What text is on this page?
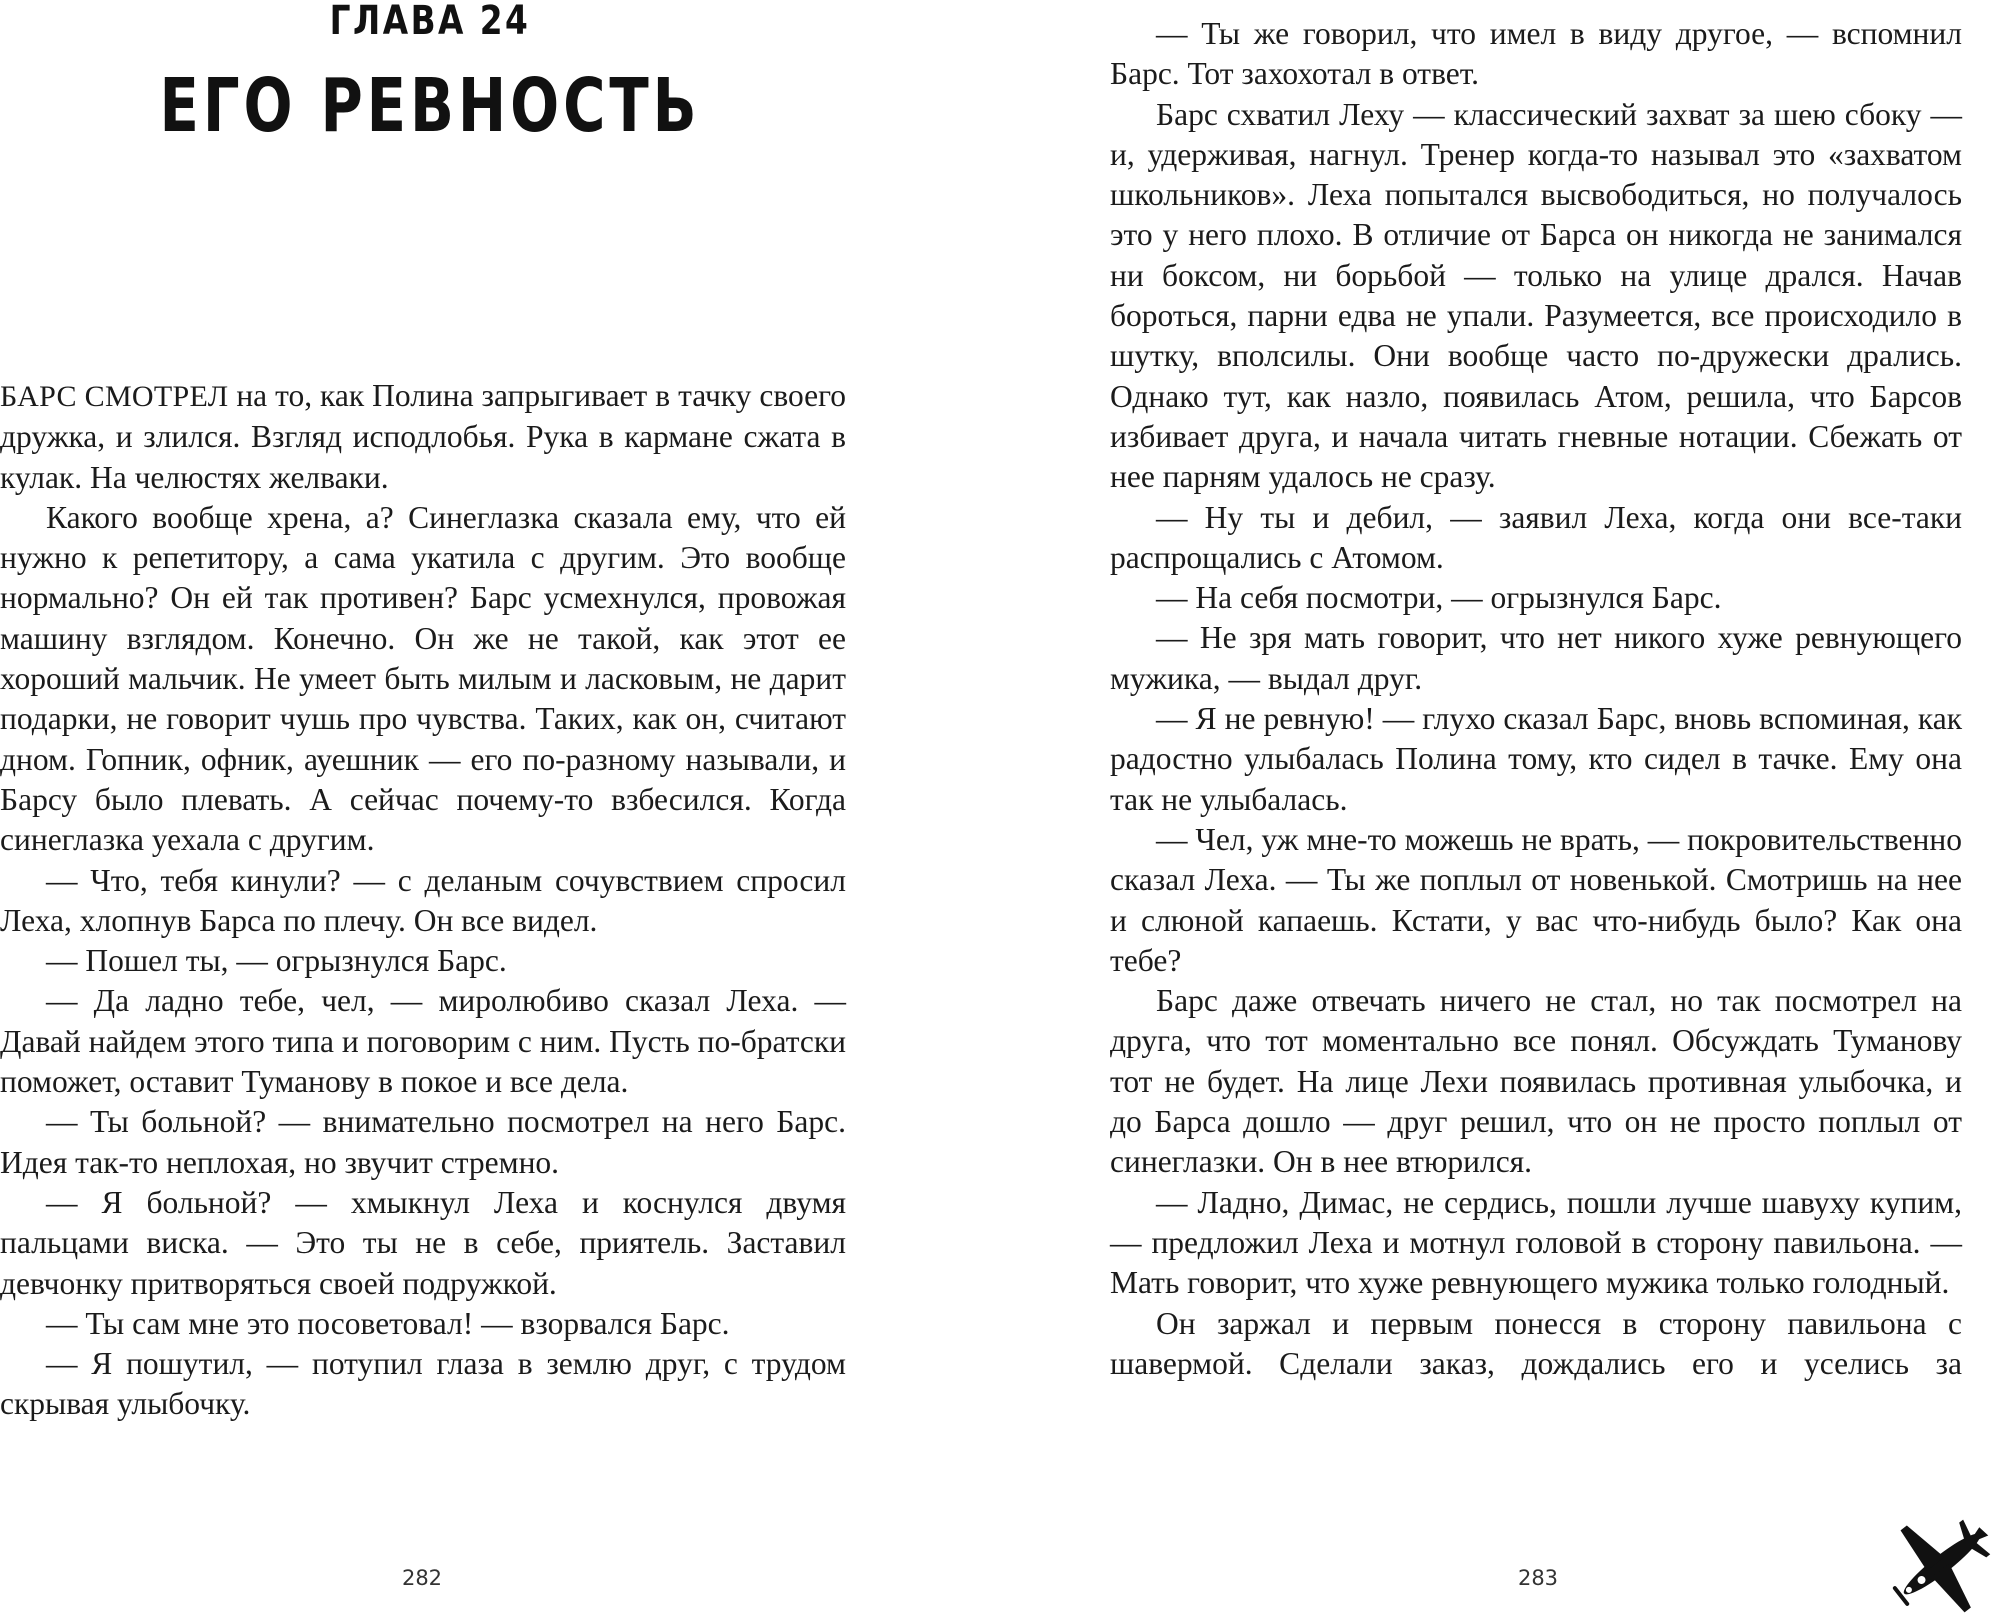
ГЛАВА 24
ЕГО РЕВНОСТЬ

БАРС СМОТРЕЛ на то, как Полина запрыгивает в тачку своего дружка, и злился. Взгляд исподлобья. Рука в кармане сжата в кулак. На челюстях желваки.

Какого вообще хрена, а? Синеглазка сказала ему, что ей нужно к репетитору, а сама укатила с другим. Это вообще нормально? Он ей так противен? Барс усмехнулся, провожая машину взглядом. Конечно. Он же не такой, как этот ее хороший мальчик. Не умеет быть милым и ласковым, не дарит подарки, не говорит чушь про чувства. Таких, как он, считают дном. Гопник, офник, ауешник — его по-разному называли, и Барсу было плевать. А сейчас почему-то взбесился. Когда синеглазка уехала с другим.

— Что, тебя кинули? — с деланым сочувствием спросил Леха, хлопнув Барса по плечу. Он все видел.

— Пошел ты, — огрызнулся Барс.

— Да ладно тебе, чел, — миролюбиво сказал Леха. — Давай найдем этого типа и поговорим с ним. Пусть по-братски поможет, оставит Туманову в покое и все дела.

— Ты больной? — внимательно посмотрел на него Барс. Идея так-то неплохая, но звучит стремно.

— Я больной? — хмыкнул Леха и коснулся двумя пальцами виска. — Это ты не в себе, приятель. Заставил девчонку притворяться своей подружкой.

— Ты сам мне это посоветовал! — взорвался Барс.

— Я пошутил, — потупил глаза в землю друг, с трудом скрывая улыбочку.

282

— Ты же говорил, что имел в виду другое, — вспомнил Барс. Тот захохотал в ответ.

Барс схватил Леху — классический захват за шею сбоку — и, удерживая, нагнул. Тренер когда-то называл это «захватом школьников». Леха попытался высвободиться, но получалось это у него плохо. В отличие от Барса он никогда не занимался ни боксом, ни борьбой — только на улице дрался. Начав бороться, парни едва не упали. Разумеется, все происходило в шутку, вполсилы. Они вообще часто по-дружески дрались. Однако тут, как назло, появилась Атом, решила, что Барсов избивает друга, и начала читать гневные нотации. Сбежать от нее парням удалось не сразу.

— Ну ты и дебил, — заявил Леха, когда они все-таки распрощались с Атомом.

— На себя посмотри, — огрызнулся Барс.

— Не зря мать говорит, что нет никого хуже ревнующего мужика, — выдал друг.

— Я не ревную! — глухо сказал Барс, вновь вспоминая, как радостно улыбалась Полина тому, кто сидел в тачке. Ему она так не улыбалась.

— Чел, уж мне-то можешь не врать, — покровительственно сказал Леха. — Ты же поплыл от новенькой. Смотришь на нее и слюной капаешь. Кстати, у вас что-нибудь было? Как она тебе?

Барс даже отвечать ничего не стал, но так посмотрел на друга, что тот моментально все понял. Обсуждать Туманову тот не будет. На лице Лехи появилась противная улыбочка, и до Барса дошло — друг решил, что он не просто поплыл от синеглазки. Он в нее втюрился.

— Ладно, Димас, не сердись, пошли лучше шавуху купим, — предложил Леха и мотнул головой в сторону павильона. — Мать говорит, что хуже ревнующего мужика только голодный.

Он заржал и первым понесся в сторону павильона с шавермой. Сделали заказ, дождались его и уселись за

283
